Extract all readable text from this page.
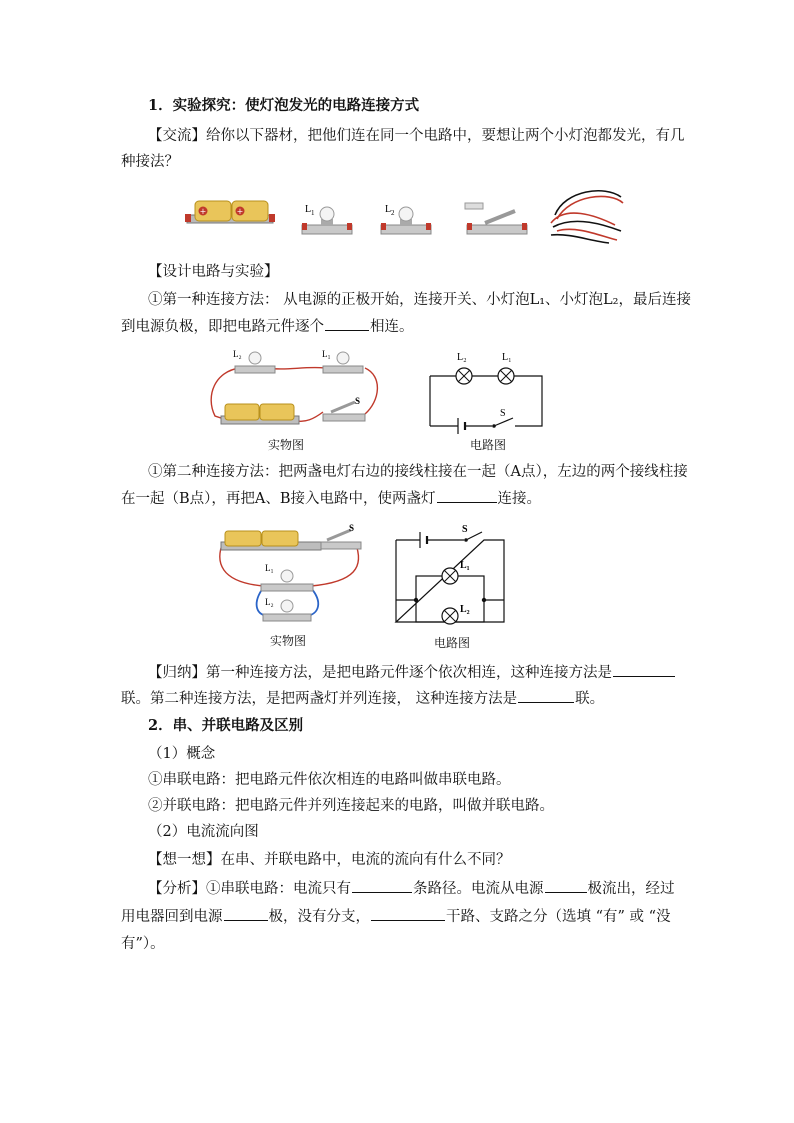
1．实验探究：使灯泡发光的电路连接方式
【交流】给你以下器材，把他们连在同一个电路中，要想让两个小灯泡都发光，有几
种接法？
+	+	L 1	L 2
【设计电路与实验】
①第一种连接方法： 从电源的正极开始，连接开关、小灯泡L₁、小灯泡L₂，最后连接
到电源负极，即把电路元件逐个	相连。
L₂	L₁
S
实物图
L₂	L₁
S
电路图
①第二种连接方法：把两盏电灯右边的接线柱接在一起（A点），左边的两个接线柱接
在一起（B点），再把A、B接入电路中，使两盏灯	连接。
S
L₁
L₂
实物图
S
L₁
L₂
电路图
【归纳】第一种连接方法，是把电路元件逐个依次相连，这种连接方法是
联。第二种连接方法，是把两盏灯并列连接， 这种连接方法是	联。
2．串、并联电路及区别
（1）概念
①串联电路：把电路元件依次相连的电路叫做串联电路。
②并联电路：把电路元件并列连接起来的电路，叫做并联电路。
（2）电流流向图
【想一想】在串、并联电路中，电流的流向有什么不同？
【分析】①串联电路：电流只有	条路径。电流从电源	极流出，经过
用电器回到电源	极，没有分支，	干路、支路之分（选填 “有” 或 “没
有”）。
